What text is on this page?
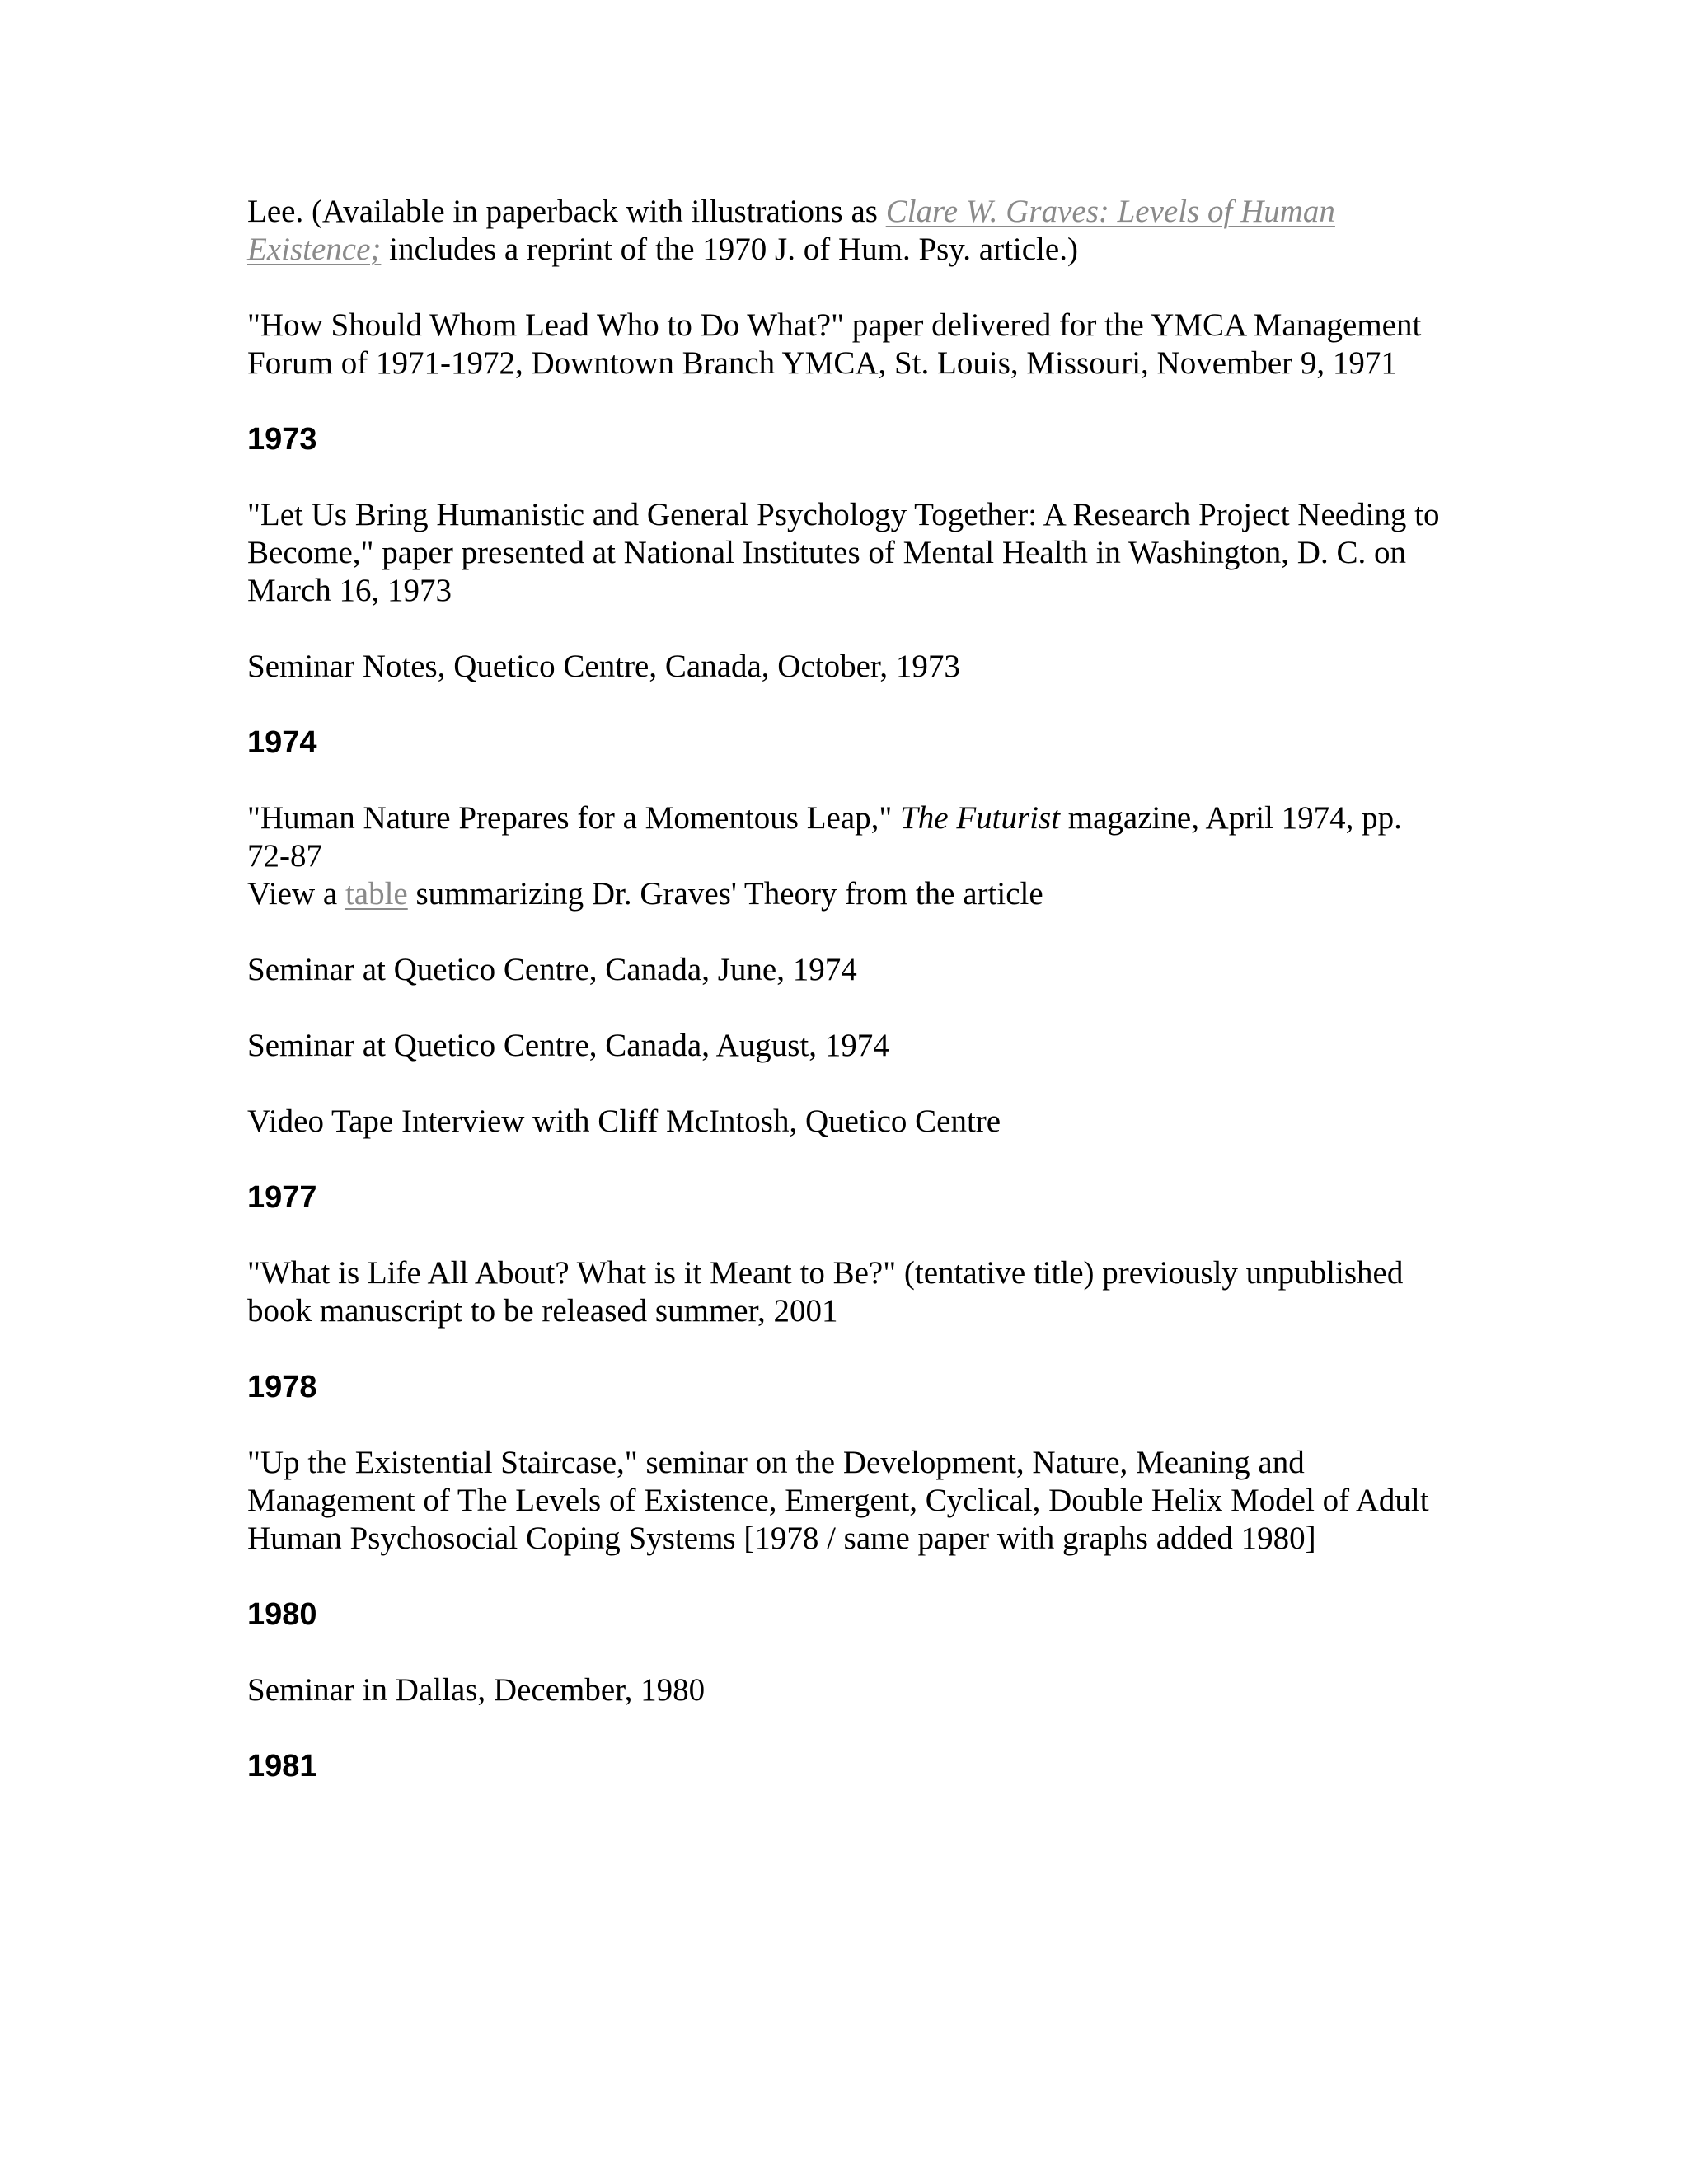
Lee. (Available in paperback with illustrations as Clare W. Graves: Levels of Human Existence; includes a reprint of the 1970 J. of Hum. Psy. article.)

"How Should Whom Lead Who to Do What?" paper delivered for the YMCA Management Forum of 1971-1972, Downtown Branch YMCA, St. Louis, Missouri, November 9, 1971

1973

"Let Us Bring Humanistic and General Psychology Together: A Research Project Needing to Become," paper presented at National Institutes of Mental Health in Washington, D. C. on March 16, 1973

Seminar Notes, Quetico Centre, Canada, October, 1973

1974

"Human Nature Prepares for a Momentous Leap," The Futurist magazine, April 1974, pp. 72-87

View a table summarizing Dr. Graves' Theory from the article

Seminar at Quetico Centre, Canada, June, 1974

Seminar at Quetico Centre, Canada, August, 1974

Video Tape Interview with Cliff McIntosh, Quetico Centre

1977

"What is Life All About? What is it Meant to Be?" (tentative title) previously unpublished book manuscript to be released summer, 2001

1978

"Up the Existential Staircase," seminar on the Development, Nature, Meaning and Management of The Levels of Existence, Emergent, Cyclical, Double Helix Model of Adult Human Psychosocial Coping Systems [1978 / same paper with graphs added 1980]

1980

Seminar in Dallas, December, 1980

1981
